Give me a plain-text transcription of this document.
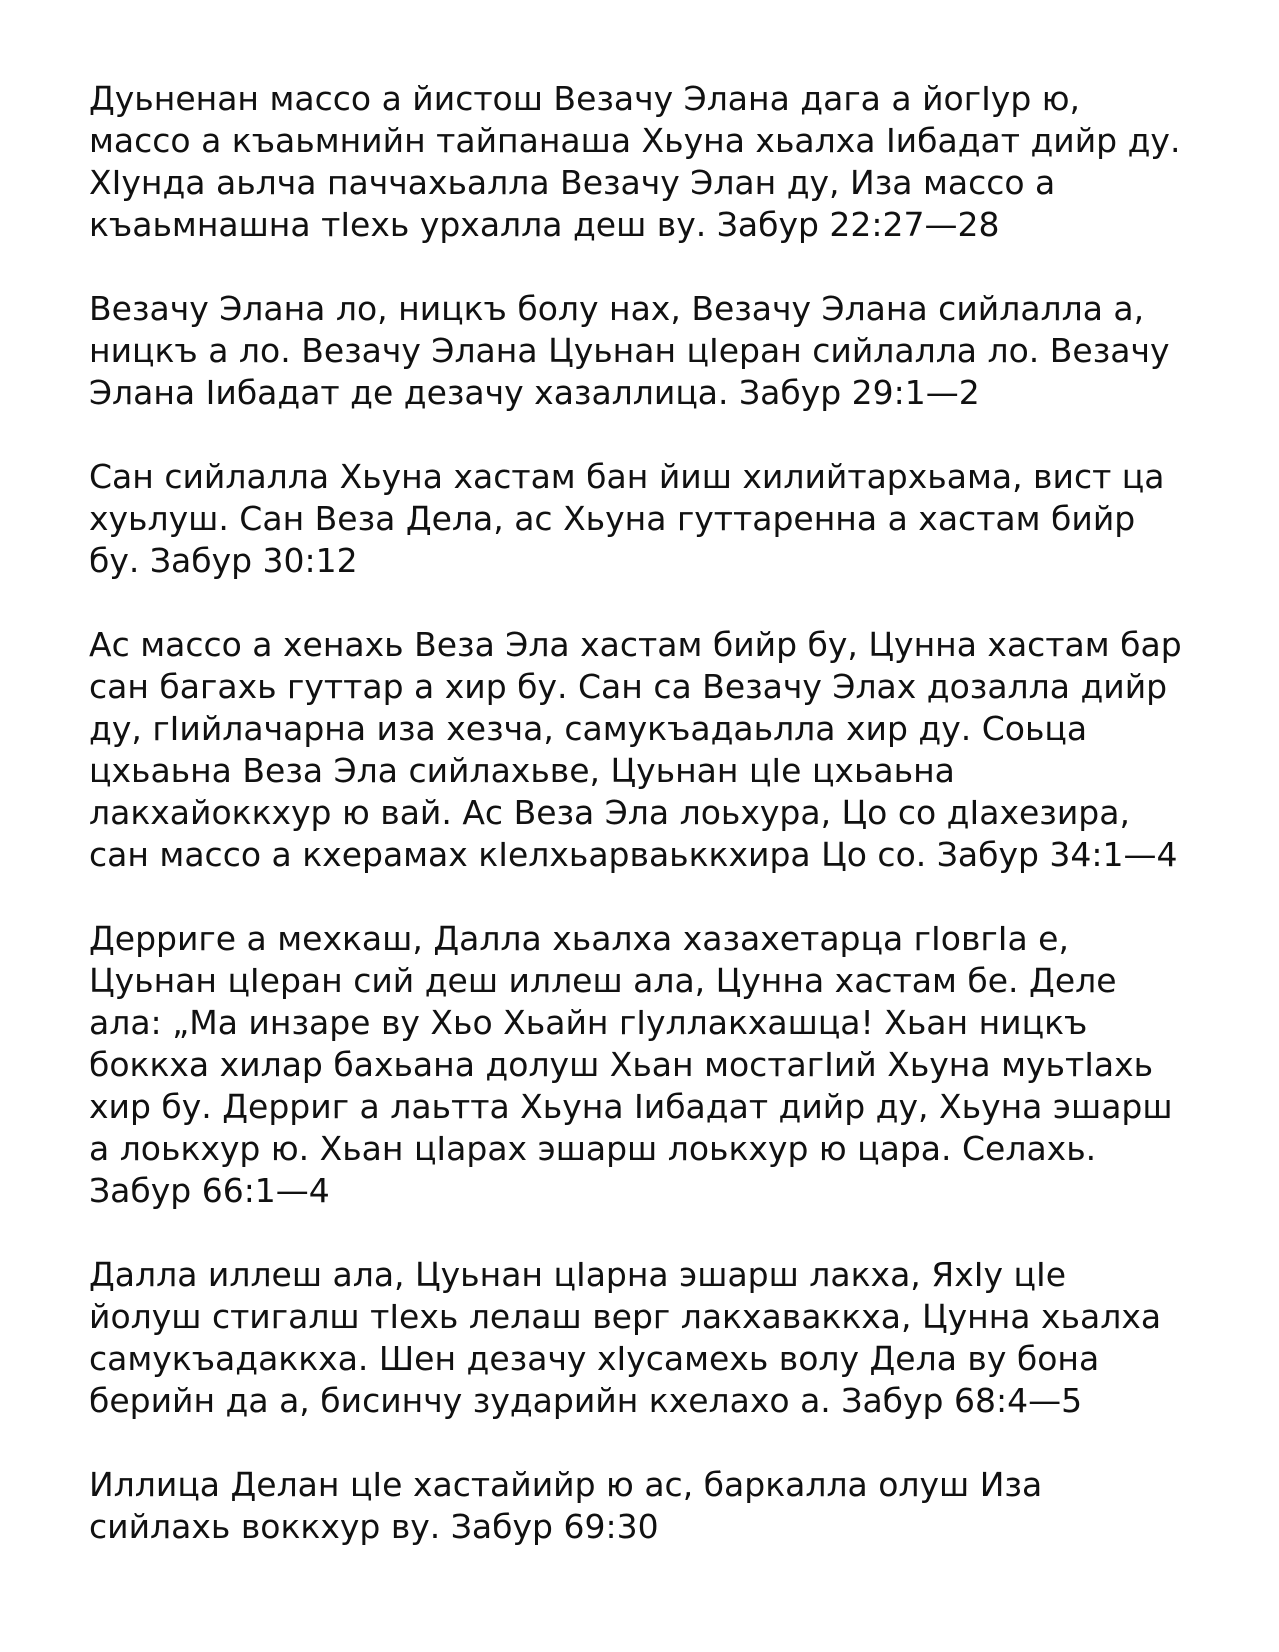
Дуьненан массо а йистош Везачу Элана дага а йогӀур ю,
массо а къаьмнийн тайпанаша Хьуна хьалха Ӏибадат дийр ду.
ХӀунда аьлча паччахьалла Везачу Элан ду, Иза массо а
къаьмнашна тӀехь урхалла деш ву. Забур 22:27—28

Везачу Элана ло, ницкъ болу нах, Везачу Элана сийлалла а,
ницкъ а ло. Везачу Элана Цуьнан цӀеран сийлалла ло. Везачу
Элана Ӏибадат де дезачу хазаллица. Забур 29:1—2

Сан сийлалла Хьуна хастам бан йиш хилийтархьама, вист ца
хуьлуш. Сан Веза Дела, ас Хьуна гуттаренна а хастам бийр
бу. Забур 30:12

Ас массо а хенахь Веза Эла хастам бийр бу, Цунна хастам бар
сан багахь гуттар а хир бу. Сан са Везачу Элах дозалла дийр
ду, гӀийлачарна иза хезча, самукъадаьлла хир ду. Соьца
цхьаьна Веза Эла сийлахьве, Цуьнан цӀе цхьаьна
лакхайоккхур ю вай. Ас Веза Эла лоьхура, Цо со дӀахезира,
сан массо а кхерамах кӀелхьарваьккхира Цо со. Забур 34:1—4

Дерриге а мехкаш, Далла хьалха хазахетарца гӀовгӀа е,
Цуьнан цӀеран сий деш иллеш ала, Цунна хастам бе. Деле
ала: „Ма инзаре ву Хьо Хьайн гӀуллакхашца! Хьан ницкъ
боккха хилар бахьана долуш Хьан мостагӀий Хьуна муьтӀахь
хир бу. Дерриг а лаьтта Хьуна Ӏибадат дийр ду, Хьуна эшарш
а лоькхур ю. Хьан цӀарах эшарш лоькхур ю цара. Селахь.
Забур 66:1—4

Далла иллеш ала, Цуьнан цӀарна эшарш лакха, ЯхӀу цӀе
йолуш стигалш тӀехь лелаш верг лакхаваккха, Цунна хьалха
самукъадаккха. Шен дезачу хӀусамехь волу Дела ву бона
берийн да а, бисинчу зударийн кхелахо а. Забур 68:4—5

Иллица Делан цӀе хастайийр ю ас, баркалла олуш Иза
сийлахь воккхур ву. Забур 69:30
